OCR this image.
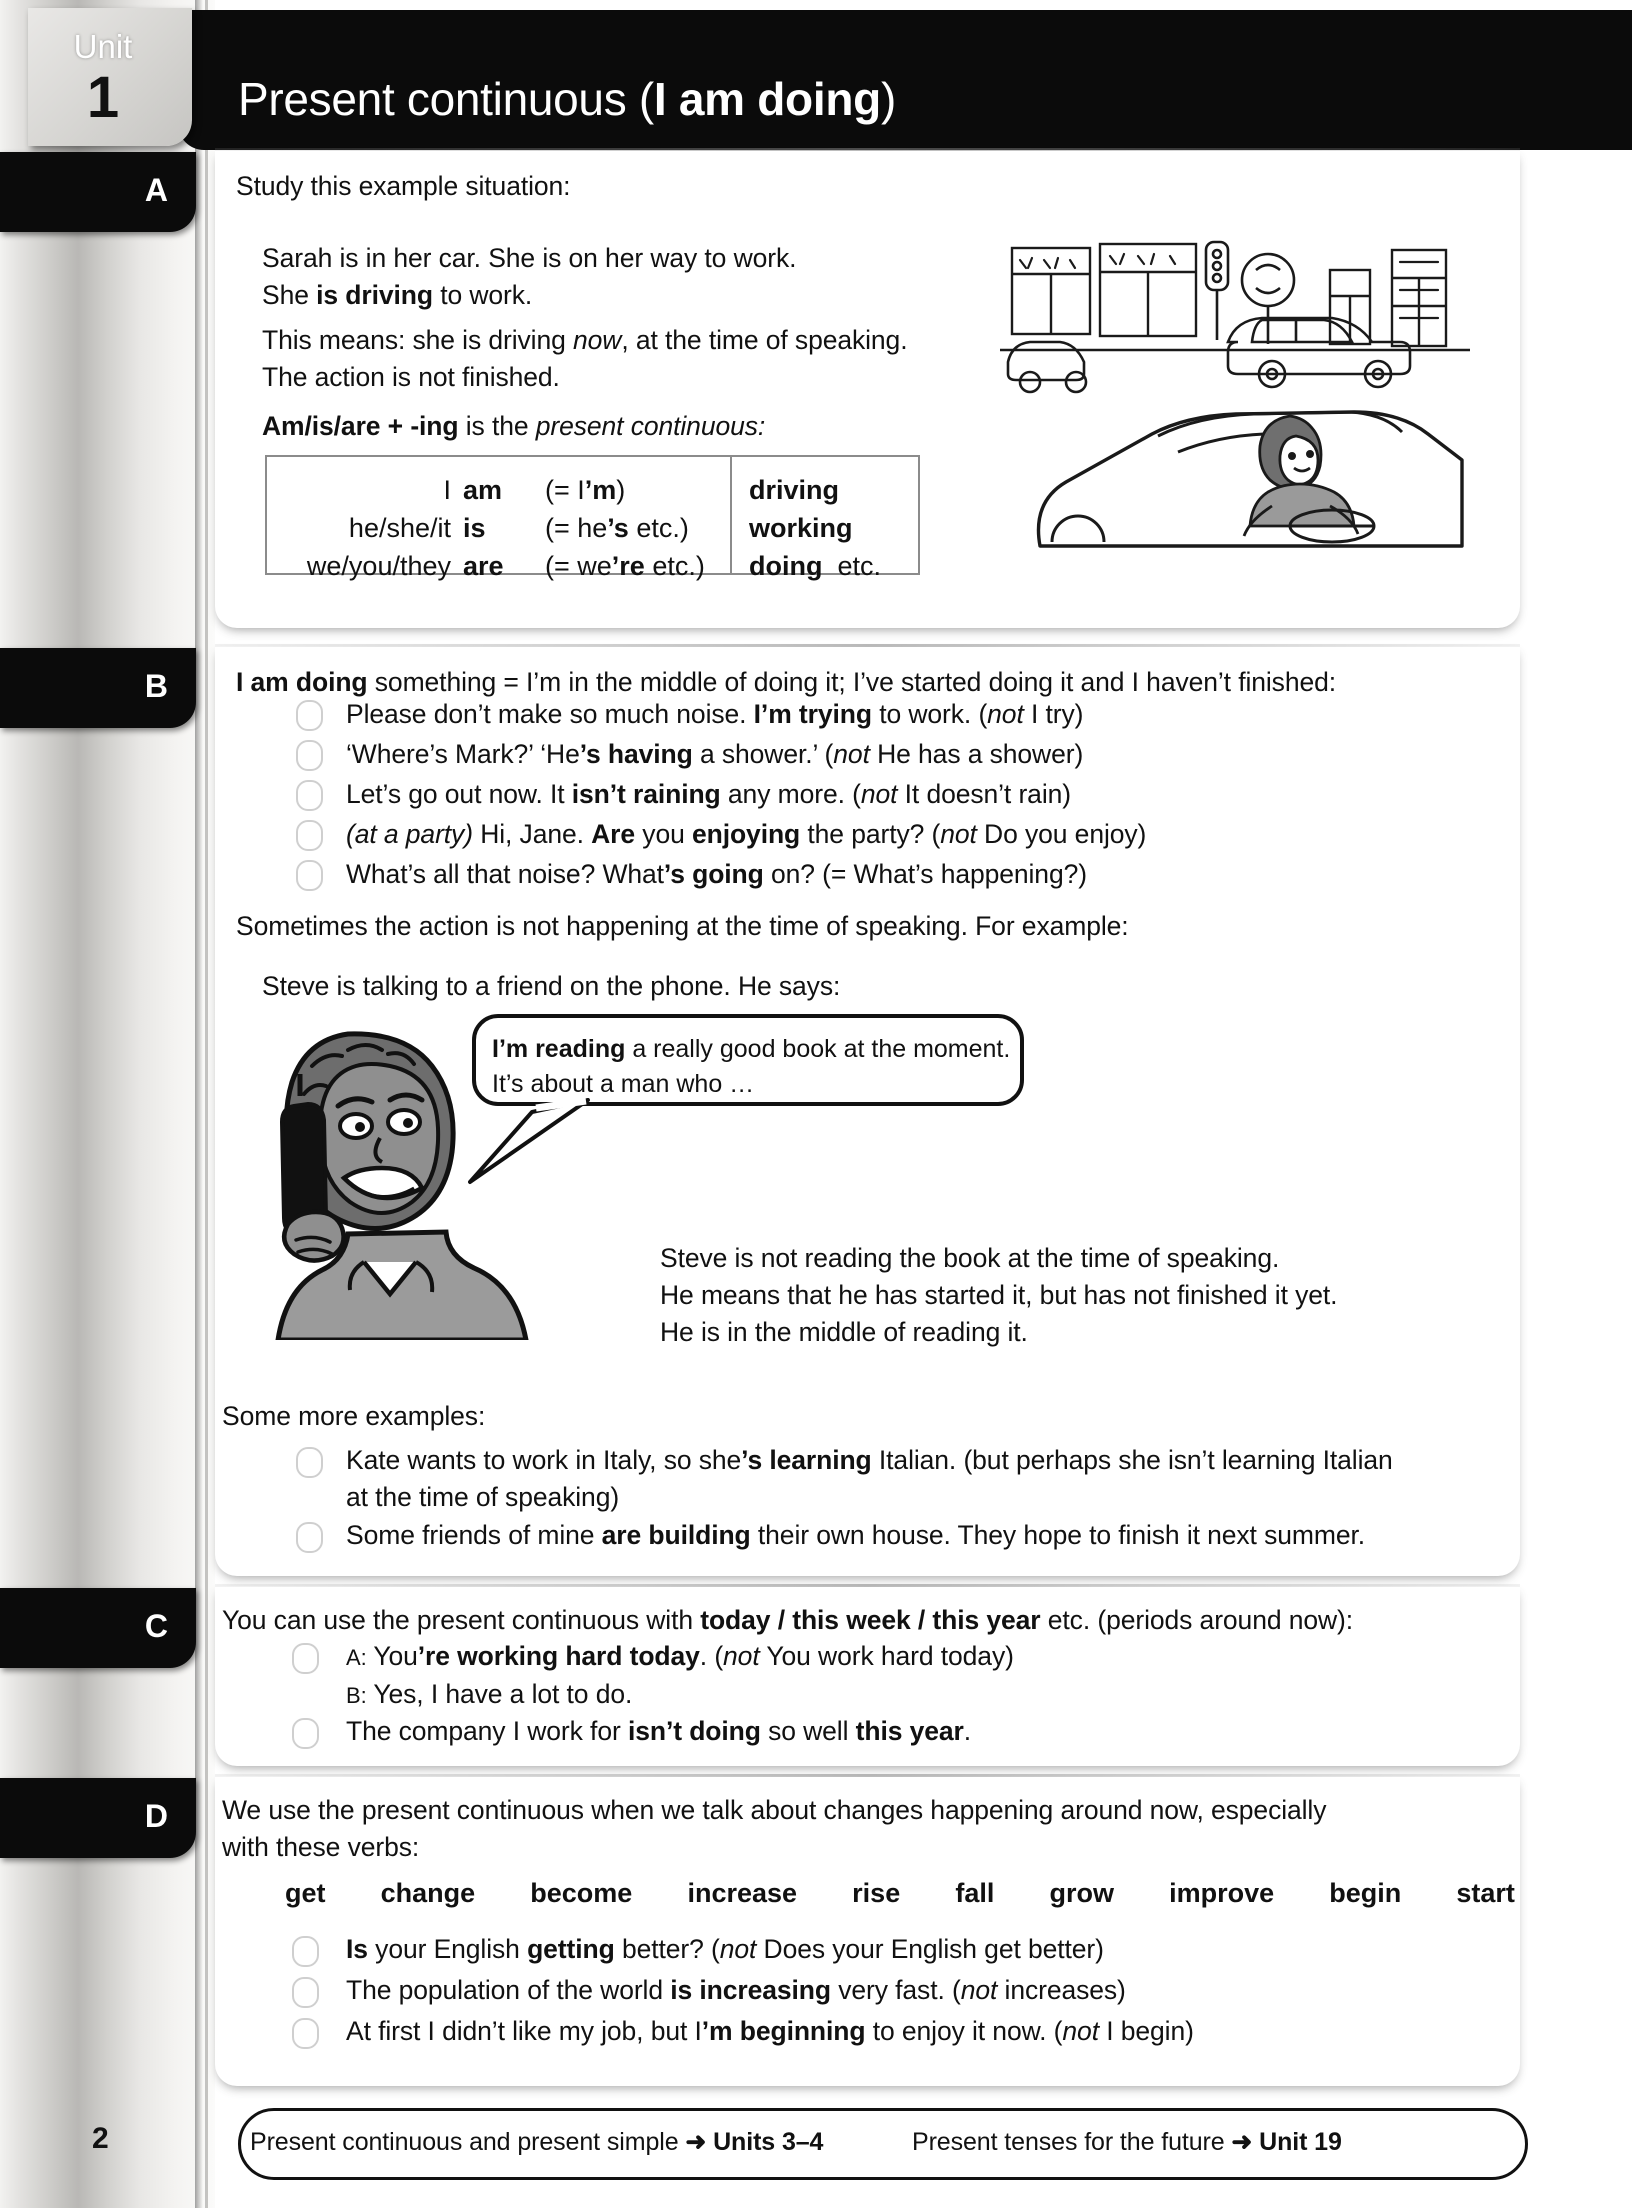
Present continuous (I am doing)
Unit
1
A	Study this example situation:
Sarah is in her car. She is on her way to work.
She is driving to work.
This means: she is driving now, at the time of speaking.
The action is not finished.
Am/is/are + -ing is the present continuous:
I am	(= I’m)	driving
he/she/it is	(= he’s etc.)	working
we/you/they are	(= we’re etc.)	doing etc.
B	I am doing something = I’m in the middle of doing it; I’ve started doing it and I haven’t finished:
Please don’t make so much noise. I’m trying to work. (not I try)
‘Where’s Mark?’ ‘He’s having a shower.’ (not He has a shower)
Let’s go out now. It isn’t raining any more. (not It doesn’t rain)
(at a party) Hi, Jane. Are you enjoying the party? (not Do you enjoy)
What’s all that noise? What’s going on? (= What’s happening?)
Sometimes the action is not happening at the time of speaking. For example:
Steve is talking to a friend on the phone. He says:
I’m reading a really good book at the moment.
It’s about a man who …
Steve is not reading the book at the time of speaking.
He means that he has started it, but has not finished it yet.
He is in the middle of reading it.
Some more examples:
Kate wants to work in Italy, so she’s learning Italian. (but perhaps she isn’t learning Italian
at the time of speaking)
Some friends of mine are building their own house. They hope to finish it next summer.
C You can use the present continuous with today / this week / this year etc. (periods around now):
A: You’re working hard today. (not You work hard today)
B: Yes, I have a lot to do.
The company I work for isn’t doing so well this year.
D We use the present continuous when we talk about changes happening around now, especially
with these verbs:
get change become increase rise fall grow improve begin start
Is your English getting better? (not Does your English get better)
The population of the world is increasing very fast. (not increases)
At first I didn’t like my job, but I’m beginning to enjoy it now. (not I begin)
Present continuous and present simple ➜ Units 3–4	Present tenses for the future ➜ Unit 19
2
